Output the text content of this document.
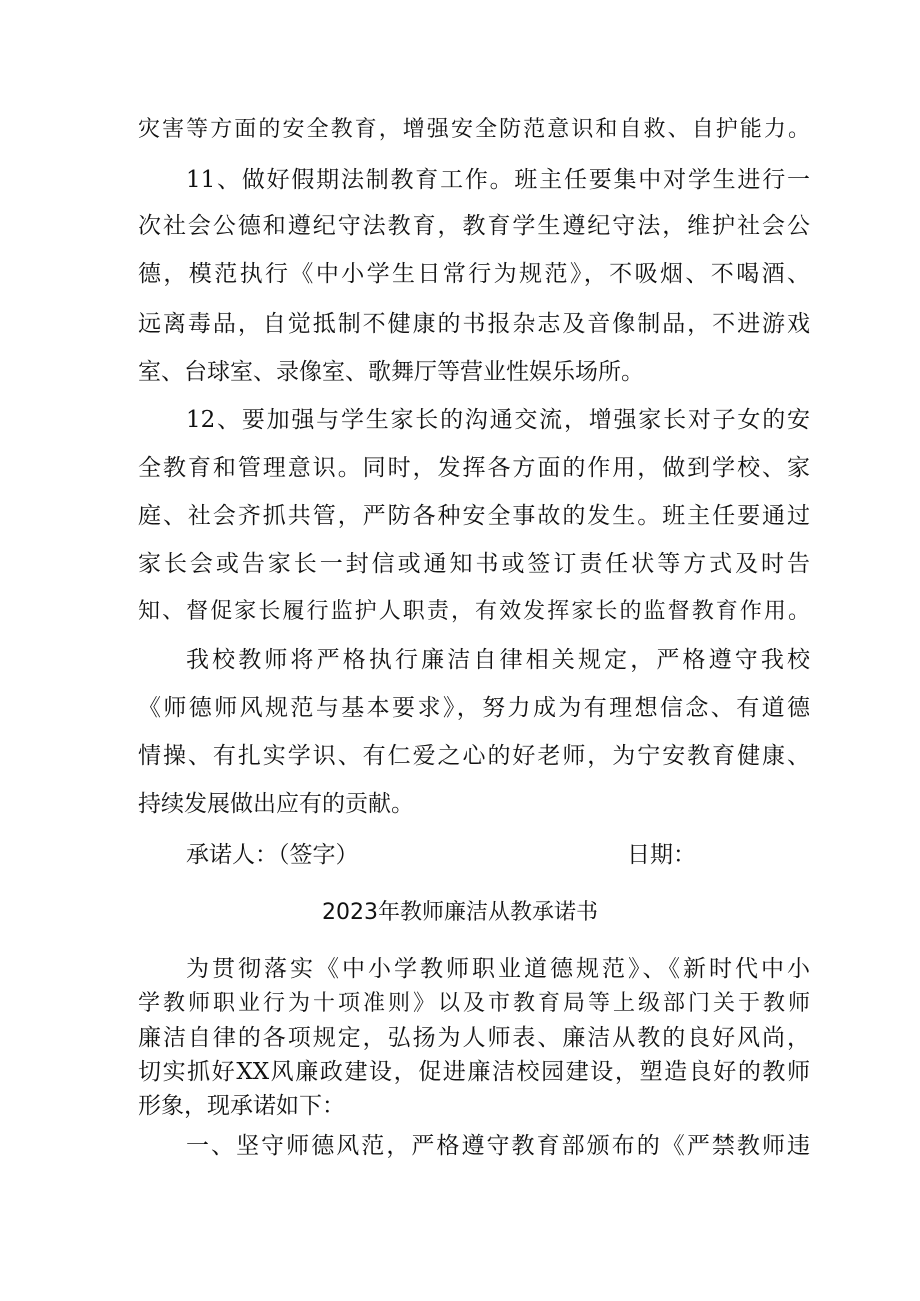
灾害等方面的安全教育，增强安全防范意识和自救、自护能力。
11、做好假期法制教育工作。班主任要集中对学生进行一
次社会公德和遵纪守法教育，教育学生遵纪守法，维护社会公
德，模范执行《中小学生日常行为规范》，不吸烟、不喝酒、
远离毒品，自觉抵制不健康的书报杂志及音像制品，不进游戏
室、台球室、录像室、歌舞厅等营业性娱乐场所。
12、要加强与学生家长的沟通交流，增强家长对子女的安
全教育和管理意识。同时，发挥各方面的作用，做到学校、家
庭、社会齐抓共管，严防各种安全事故的发生。班主任要通过
家长会或告家长一封信或通知书或签订责任状等方式及时告
知、督促家长履行监护人职责，有效发挥家长的监督教育作用。
我校教师将严格执行廉洁自律相关规定，严格遵守我校
《师德师风规范与基本要求》，努力成为有理想信念、有道德
情操、有扎实学识、有仁爱之心的好老师，为宁安教育健康、
持续发展做出应有的贡献。
承诺人：（签字）	日期：
2023年教师廉洁从教承诺书
为贯彻落实《中小学教师职业道德规范》、《新时代中小
学教师职业行为十项准则》以及市教育局等上级部门关于教师
廉洁自律的各项规定，弘扬为人师表、廉洁从教的良好风尚，
切实抓好XX风廉政建设，促进廉洁校园建设，塑造良好的教师
形象，现承诺如下：
一、坚守师德风范，严格遵守教育部颁布的《严禁教师违
